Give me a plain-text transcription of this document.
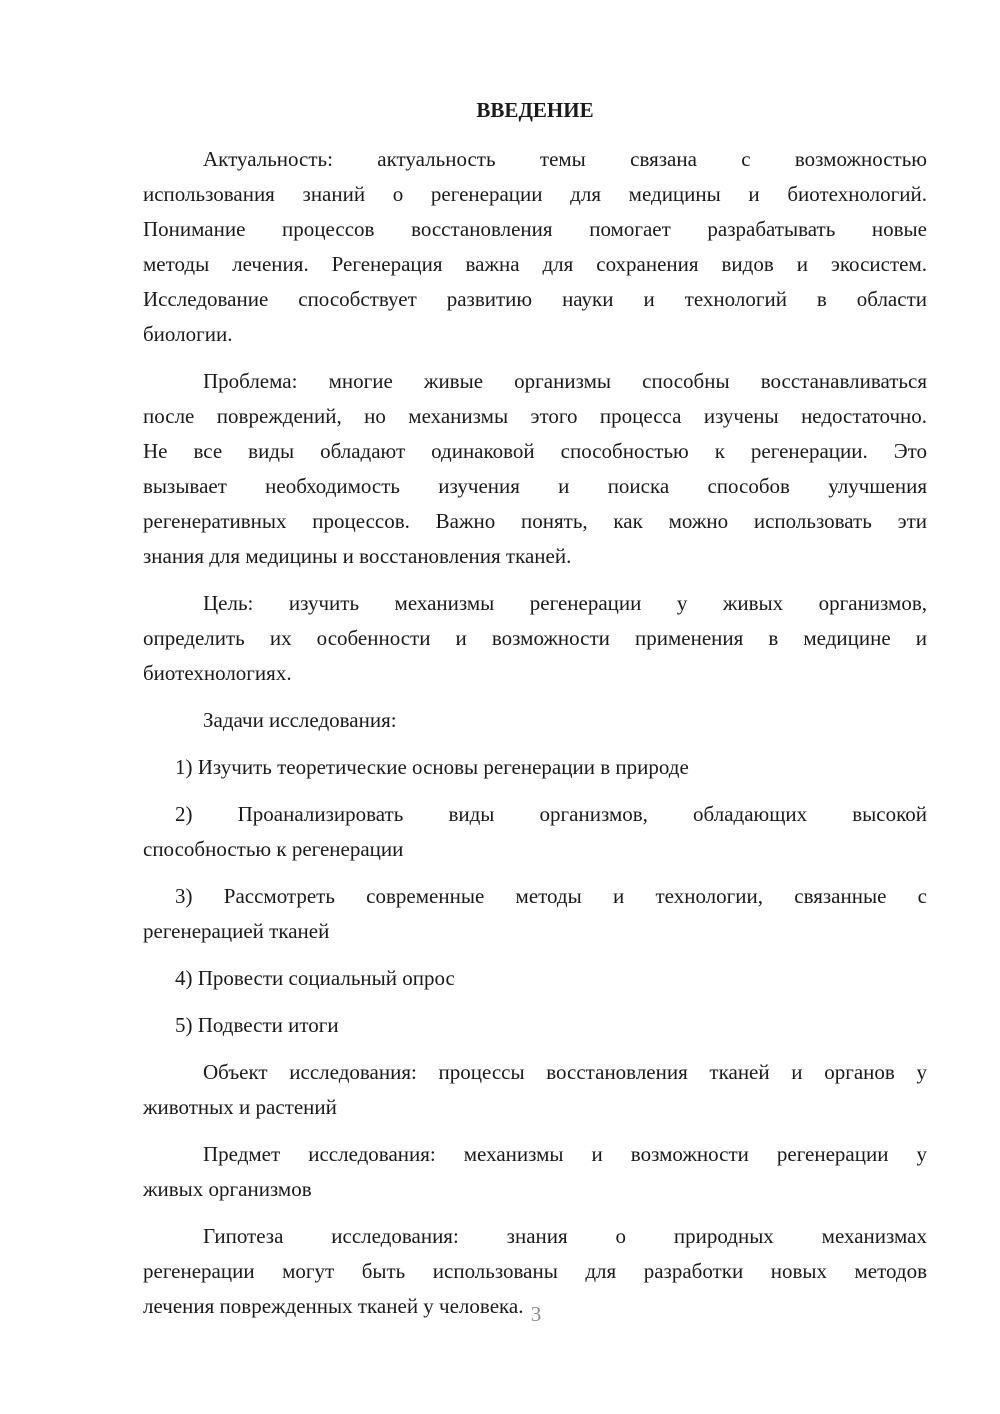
ВВЕДЕНИЕ
Актуальность: актуальность темы связана с возможностью
использования знаний о регенерации для медицины и биотехнологий.
Понимание процессов восстановления помогает разрабатывать новые
методы лечения. Регенерация важна для сохранения видов и экосистем.
Исследование способствует развитию науки и технологий в области
биологии.
Проблема: многие живые организмы способны восстанавливаться
после повреждений, но механизмы этого процесса изучены недостаточно.
Не все виды обладают одинаковой способностью к регенерации. Это
вызывает необходимость изучения и поиска способов улучшения
регенеративных процессов. Важно понять, как можно использовать эти
знания для медицины и восстановления тканей.
Цель: изучить механизмы регенерации у живых организмов,
определить их особенности и возможности применения в медицине и
биотехнологиях.
Задачи исследования:
1) Изучить теоретические основы регенерации в природе
2) Проанализировать виды организмов, обладающих высокой
способностью к регенерации
3) Рассмотреть современные методы и технологии, связанные с
регенерацией тканей
4) Провести социальный опрос
5) Подвести итоги
Объект исследования: процессы восстановления тканей и органов у
животных и растений
Предмет исследования: механизмы и возможности регенерации у
живых организмов
Гипотеза исследования: знания о природных механизмах
регенерации могут быть использованы для разработки новых методов
лечения поврежденных тканей у человека. 3
